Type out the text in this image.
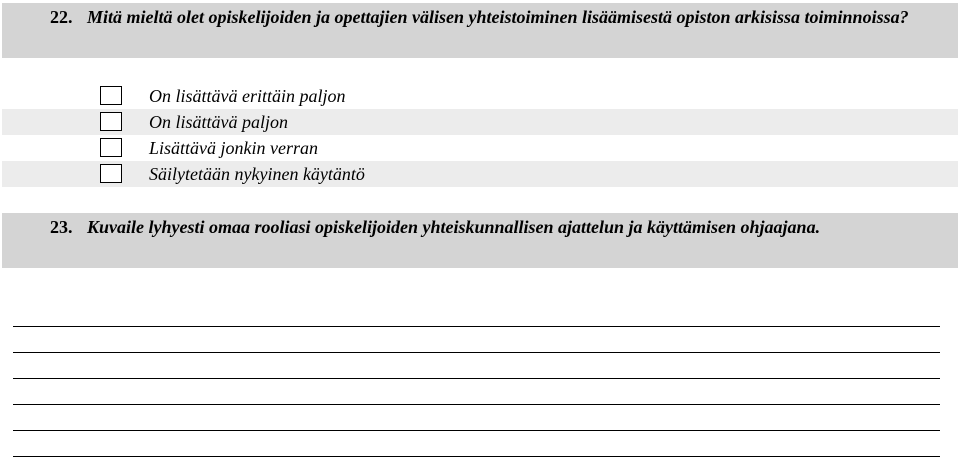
22. Mitä mieltä olet opiskelijoiden ja opettajien välisen yhteistoiminen lisäämisestä opiston arkisissa toiminnoissa?
On lisättävä erittäin paljon
On lisättävä paljon
Lisättävä jonkin verran
Säilytetään nykyinen käytäntö
23. Kuvaile lyhyesti omaa rooliasi opiskelijoiden yhteiskunnallisen ajattelun ja käyttämisen ohjaajana.
